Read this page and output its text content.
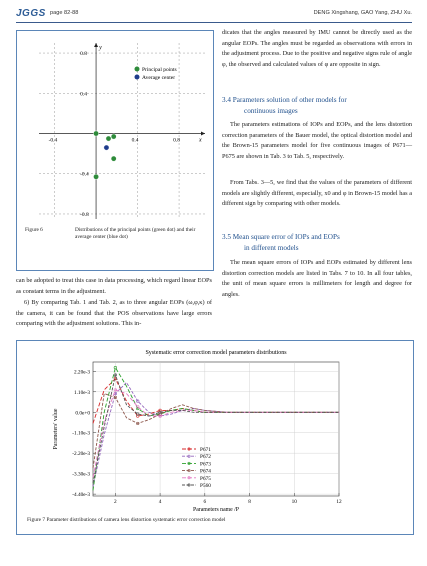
JGGS page 82-88	DENG Xingshang, GAO Yang, ZHU Xu.
x
y
-0.4	0.4	0.8
0.8
0.4
-0.4
-0.8
Principal points
Average center
Figure 6	Distributions of the principal points (green dot) and their average center (blue dot)
can be adopted to treat this case in data processing, which regard linear EOPs as constant terms in the adjustment.
6) By comparing Tab. 1 and Tab. 2, as to three angular EOPs (ω,φ,κ) of the camera, it can be found that the POS observations have large errors comparing with the adjustment solutions. This in-
dicates that the angles measured by IMU cannot be directly used as the angular EOPs. The angles must be regarded as observations with errors in the adjustment process. Due to the positive and negative signs rule of angle φ, the observed and calculated values of φ are opposite in sign.
3.4 Parameters solution of other models for
continuous images
The parameters estimations of IOPs and EOPs, and the lens distortion correction parameters of the Bauer model, the optical distortion model and the Brown-15 parameters model for five continuous images of P671—P675 are shown in Tab. 3 to Tab. 5, respectively.
From Tabs. 3—5, we find that the values of the parameters of different models are slightly different, especially, x0 and φ in Brown-15 model has a different sign by comparing with other models.
3.5 Mean square error of IOPs and EOPs
in different models
The mean square errors of IOPs and EOPs estimated by different lens distortion correction models are listed in Tabs. 7 to 10. In all four tables, the unit of mean square errors is millimeters for length and degree for angles.
Systematic error correction model parameters distributions
2.20e-3
1.10e-3
0.0e+0
-1.10e-3
-2.20e-3
-3.30e-3
-4.40e-3
2	4	6	8	10	12
Parameters name /P
Parameters' value
P671
P672
P673
P674
P675
P560
Figure 7 Parameter distributions of camera lens distortion systematic error correction model
